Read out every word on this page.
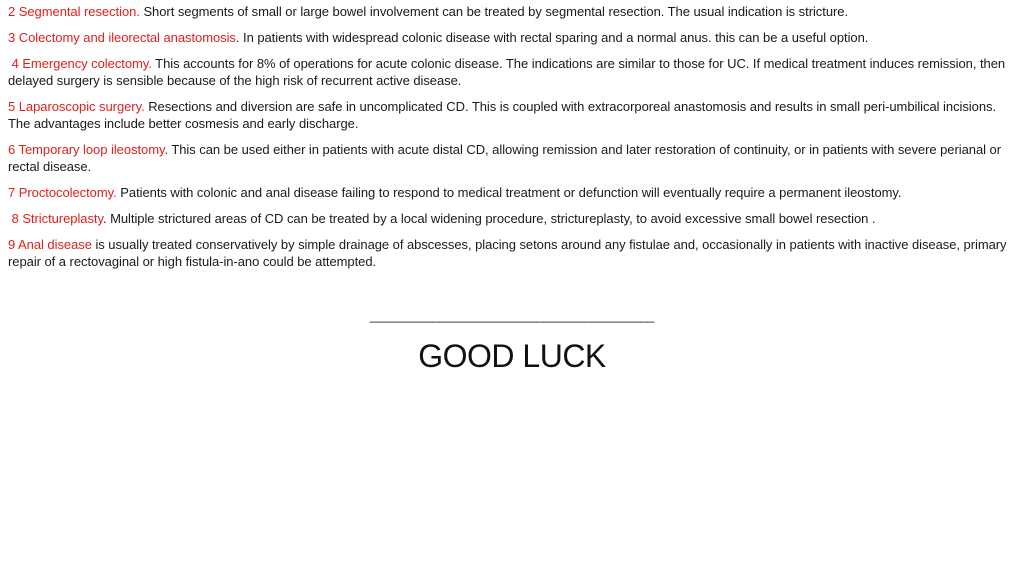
2 Segmental resection. Short segments of small or large bowel involvement can be treated by segmental resection. The usual indication is stricture.
3 Colectomy and ileorectal anastomosis. In patients with widespread colonic disease with rectal sparing and a normal anus. this can be a useful option.
4 Emergency colectomy. This accounts for 8% of operations for acute colonic disease. The indications are similar to those for UC. If medical treatment induces remission, then delayed surgery is sensible because of the high risk of recurrent active disease.
5 Laparoscopic surgery. Resections and diversion are safe in uncomplicated CD. This is coupled with extracorporeal anastomosis and results in small peri-umbilical incisions. The advantages include better cosmesis and early discharge.
6 Temporary loop ileostomy. This can be used either in patients with acute distal CD, allowing remission and later restoration of continuity, or in patients with severe perianal or rectal disease.
7 Proctocolectomy. Patients with colonic and anal disease failing to respond to medical treatment or defunction will eventually require a permanent ileostomy.
8 Strictureplasty. Multiple strictured areas of CD can be treated by a local widening procedure, strictureplasty, to avoid excessive small bowel resection .
9 Anal disease is usually treated conservatively by simple drainage of abscesses, placing setons around any fistulae and, occasionally in patients with inactive disease, primary repair of a rectovaginal or high fistula-in-ano could be attempted.
_________________________________________
GOOD LUCK
